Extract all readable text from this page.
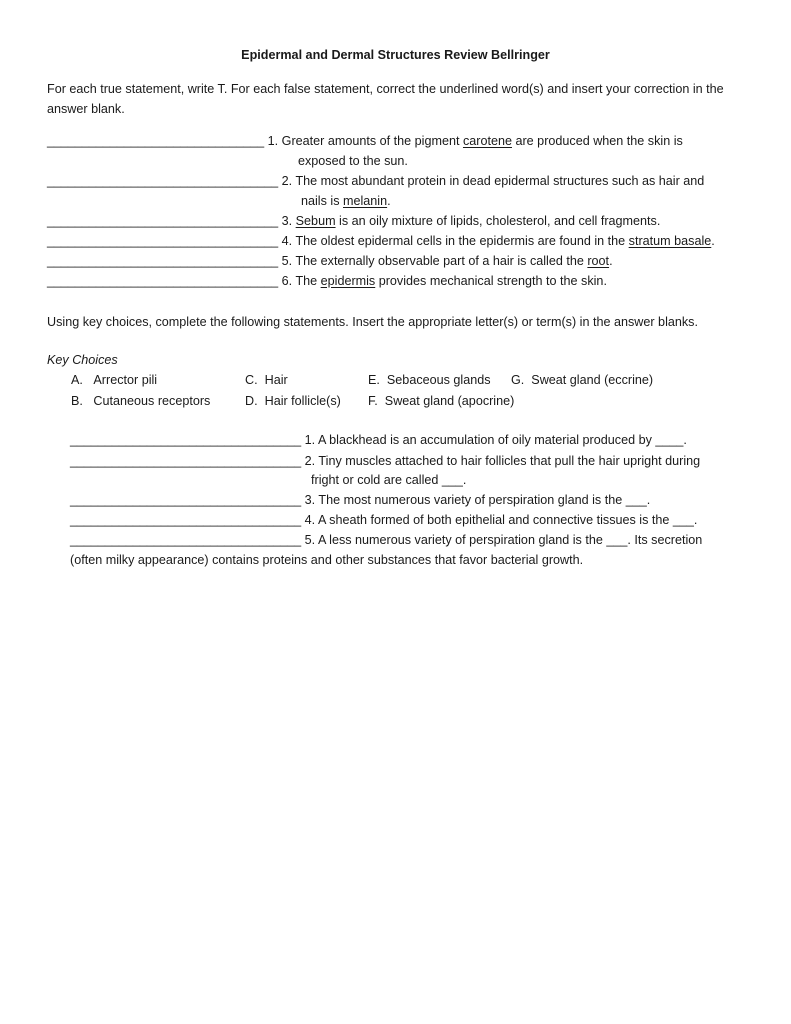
Epidermal and Dermal Structures Review Bellringer
For each true statement, write T. For each false statement, correct the underlined word(s) and insert your correction in the answer blank.
_______________________________ 1. Greater amounts of the pigment carotene are produced when the skin is
exposed to the sun.
_________________________________ 2. The most abundant protein in dead epidermal structures such as hair and
nails is melanin.
_________________________________ 3. Sebum is an oily mixture of lipids, cholesterol, and cell fragments.
_________________________________ 4. The oldest epidermal cells in the epidermis are found in the stratum basale.
_________________________________ 5. The externally observable part of a hair is called the root.
_________________________________ 6. The epidermis provides mechanical strength to the skin.
Using key choices, complete the following statements. Insert the appropriate letter(s) or term(s) in the answer blanks.
Key Choices
A. Arrector pili
B. Cutaneous receptors
C. Hair
D. Hair follicle(s)
E. Sebaceous glands
F. Sweat gland (apocrine)
G. Sweat gland (eccrine)
_________________________________ 1. A blackhead is an accumulation of oily material produced by ____.
_________________________________ 2. Tiny muscles attached to hair follicles that pull the hair upright during
fright or cold are called ___.
_________________________________ 3. The most numerous variety of perspiration gland is the ___.
_________________________________ 4. A sheath formed of both epithelial and connective tissues is the ___.
_________________________________ 5. A less numerous variety of perspiration gland is the ___. Its secretion
(often milky appearance) contains proteins and other substances that favor bacterial growth.
